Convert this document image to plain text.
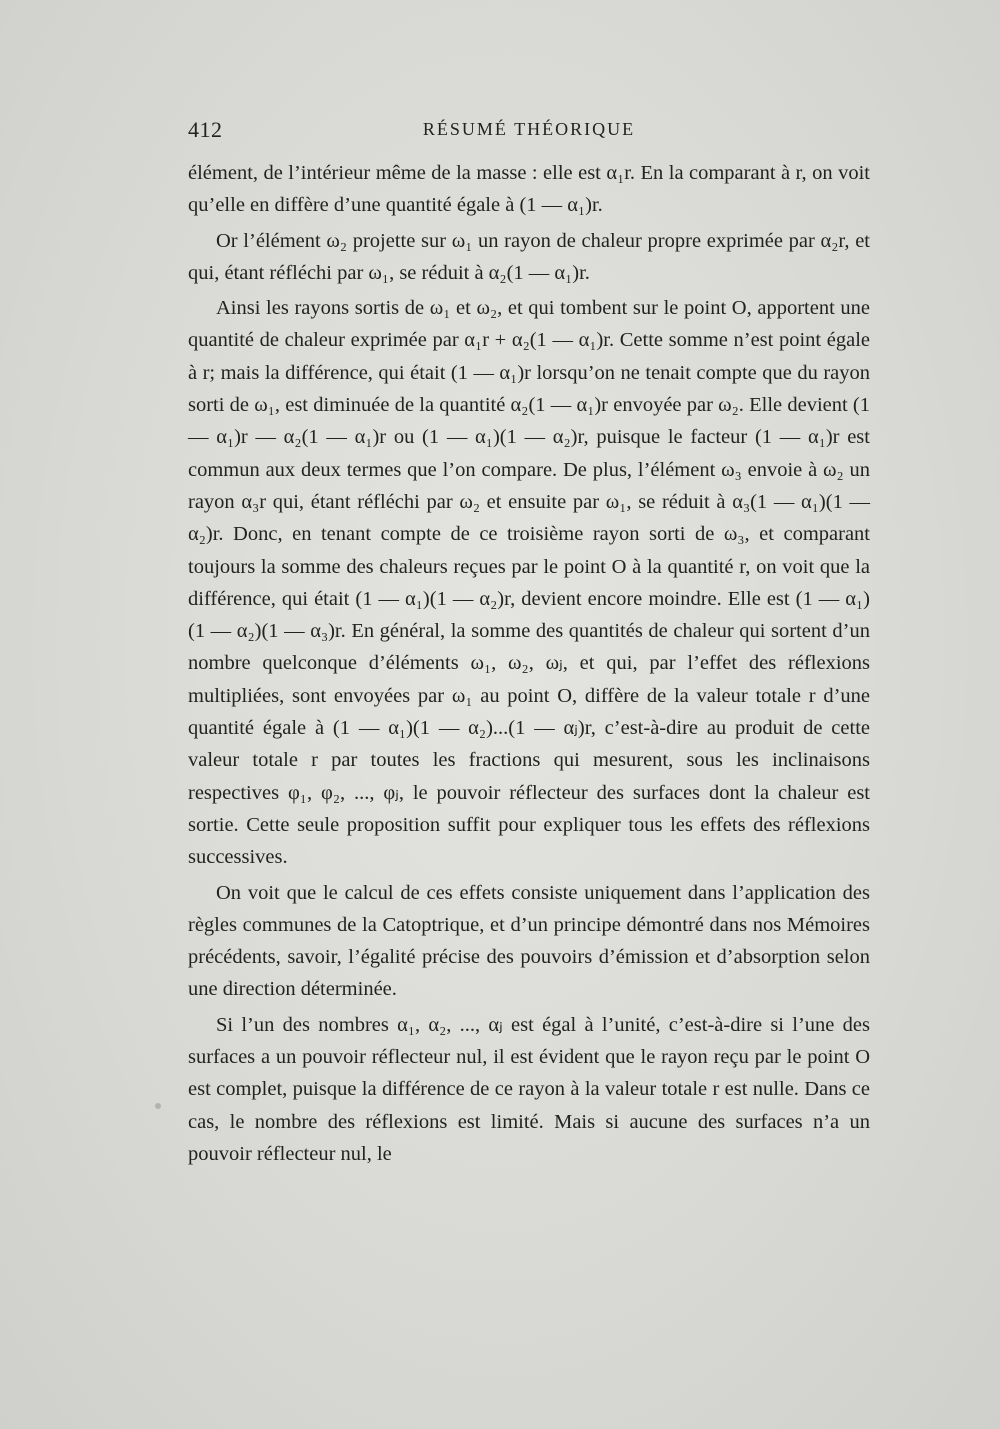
412	RÉSUMÉ THÉORIQUE

élément, de l’intérieur même de la masse : elle est α₁r. En la comparant à r, on voit qu’elle en diffère d’une quantité égale à (1 — α₁)r.

Or l’élément ω₂ projette sur ω₁ un rayon de chaleur propre exprimée par α₂r, et qui, étant réfléchi par ω₁, se réduit à α₂(1 — α₁)r.

Ainsi les rayons sortis de ω₁ et ω₂, et qui tombent sur le point O, apportent une quantité de chaleur exprimée par α₁r + α₂(1 — α₁)r. Cette somme n’est point égale à r; mais la différence, qui était (1 — α₁)r lorsqu’on ne tenait compte que du rayon sorti de ω₁, est diminuée de la quantité α₂(1 — α₁)r envoyée par ω₂. Elle devient (1 — α₁)r — α₂(1 — α₁)r ou (1 — α₁)(1 — α₂)r, puisque le facteur (1 — α₁)r est commun aux deux termes que l’on compare. De plus, l’élément ω₃ envoie à ω₂ un rayon α₃r qui, étant réfléchi par ω₂ et ensuite par ω₁, se réduit à α₃(1 — α₁)(1 — α₂)r. Donc, en tenant compte de ce troisième rayon sorti de ω₃, et comparant toujours la somme des chaleurs reçues par le point O à la quantité r, on voit que la différence, qui était (1 — α₁)(1 — α₂)r, devient encore moindre. Elle est (1 — α₁)(1 — α₂)(1 — α₃)r. En général, la somme des quantités de chaleur qui sortent d’un nombre quelconque d’éléments ω₁, ω₂, ωⱼ, et qui, par l’effet des réflexions multipliées, sont envoyées par ω₁ au point O, diffère de la valeur totale r d’une quantité égale à (1 — α₁)(1 — α₂)...(1 — αⱼ)r, c’est-à-dire au produit de cette valeur totale r par toutes les fractions qui mesurent, sous les inclinaisons respectives φ₁, φ₂, ..., φⱼ, le pouvoir réflecteur des surfaces dont la chaleur est sortie. Cette seule proposition suffit pour expliquer tous les effets des réflexions successives.

On voit que le calcul de ces effets consiste uniquement dans l’application des règles communes de la Catoptrique, et d’un principe démontré dans nos Mémoires précédents, savoir, l’égalité précise des pouvoirs d’émission et d’absorption selon une direction déterminée.

Si l’un des nombres α₁, α₂, ..., αⱼ est égal à l’unité, c’est-à-dire si l’une des surfaces a un pouvoir réflecteur nul, il est évident que le rayon reçu par le point O est complet, puisque la différence de ce rayon à la valeur totale r est nulle. Dans ce cas, le nombre des réflexions est limité. Mais si aucune des surfaces n’a un pouvoir réflecteur nul, le
